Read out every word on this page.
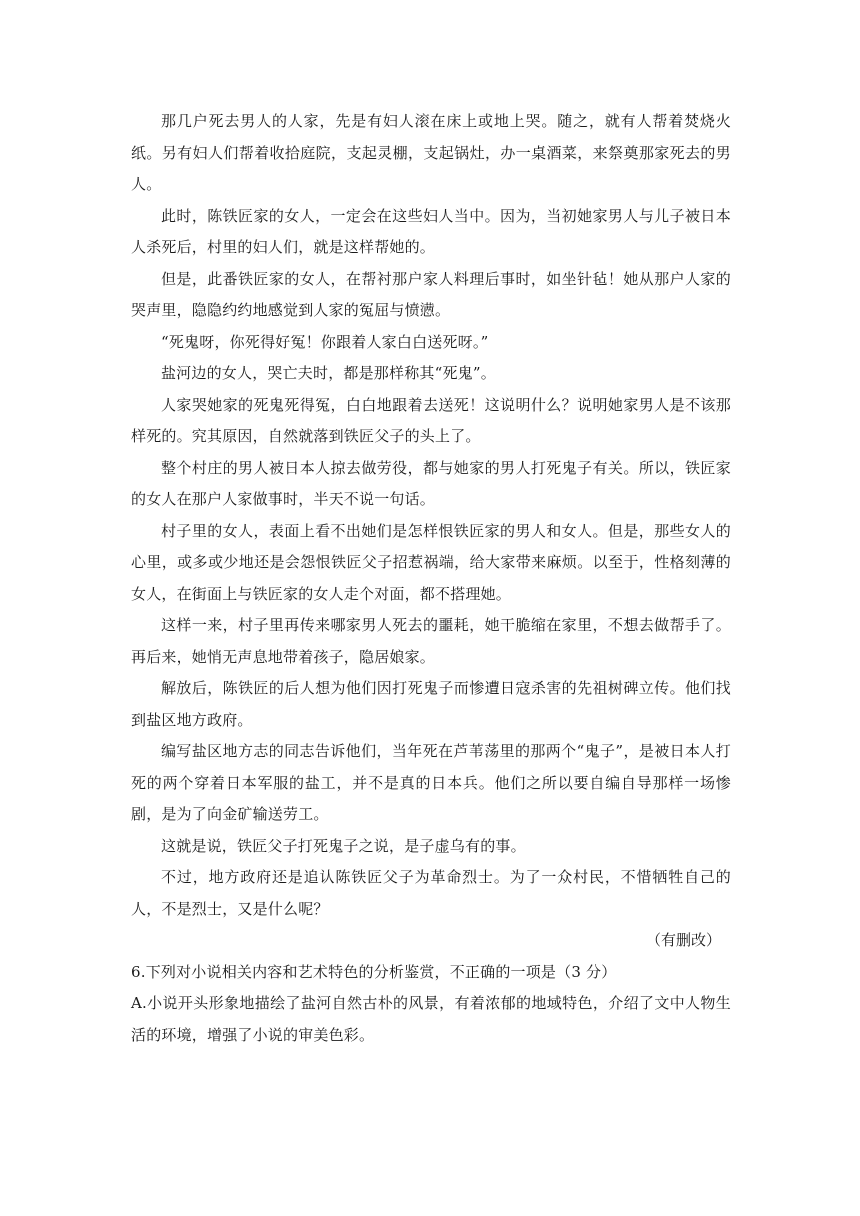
那几户死去男人的人家，先是有妇人滚在床上或地上哭。随之，就有人帮着焚烧火纸。另有妇人们帮着收拾庭院，支起灵棚，支起锅灶，办一桌酒菜，来祭奠那家死去的男人。

此时，陈铁匠家的女人，一定会在这些妇人当中。因为，当初她家男人与儿子被日本人杀死后，村里的妇人们，就是这样帮她的。

但是，此番铁匠家的女人，在帮衬那户家人料理后事时，如坐针毡！她从那户人家的哭声里，隐隐约约地感觉到人家的冤屈与愤懑。

“死鬼呀，你死得好冤！你跟着人家白白送死呀。”

盐河边的女人，哭亡夫时，都是那样称其“死鬼”。

人家哭她家的死鬼死得冤，白白地跟着去送死！这说明什么？说明她家男人是不该那样死的。究其原因，自然就落到铁匠父子的头上了。

整个村庄的男人被日本人掠去做劳役，都与她家的男人打死鬼子有关。所以，铁匠家的女人在那户人家做事时，半天不说一句话。

村子里的女人，表面上看不出她们是怎样恨铁匠家的男人和女人。但是，那些女人的心里，或多或少地还是会怨恨铁匠父子招惹祸端，给大家带来麻烦。以至于，性格刻薄的女人，在街面上与铁匠家的女人走个对面，都不搭理她。

这样一来，村子里再传来哪家男人死去的噩耗，她干脆缩在家里，不想去做帮手了。再后来，她悄无声息地带着孩子，隐居娘家。

解放后，陈铁匠的后人想为他们因打死鬼子而惨遭日寇杀害的先祖树碑立传。他们找到盐区地方政府。

编写盐区地方志的同志告诉他们，当年死在芦苇荡里的那两个“鬼子”，是被日本人打死的两个穿着日本军服的盐工，并不是真的日本兵。他们之所以要自编自导那样一场惨剧，是为了向金矿输送劳工。

这就是说，铁匠父子打死鬼子之说，是子虚乌有的事。

不过，地方政府还是追认陈铁匠父子为革命烈士。为了一众村民，不惜牺牲自己的人，不是烈士，又是什么呢？

（有删改）

6.下列对小说相关内容和艺术特色的分析鉴赏，不正确的一项是（3 分）

A.小说开头形象地描绘了盐河自然古朴的风景，有着浓郁的地域特色，介绍了文中人物生活的环境，增强了小说的审美色彩。
